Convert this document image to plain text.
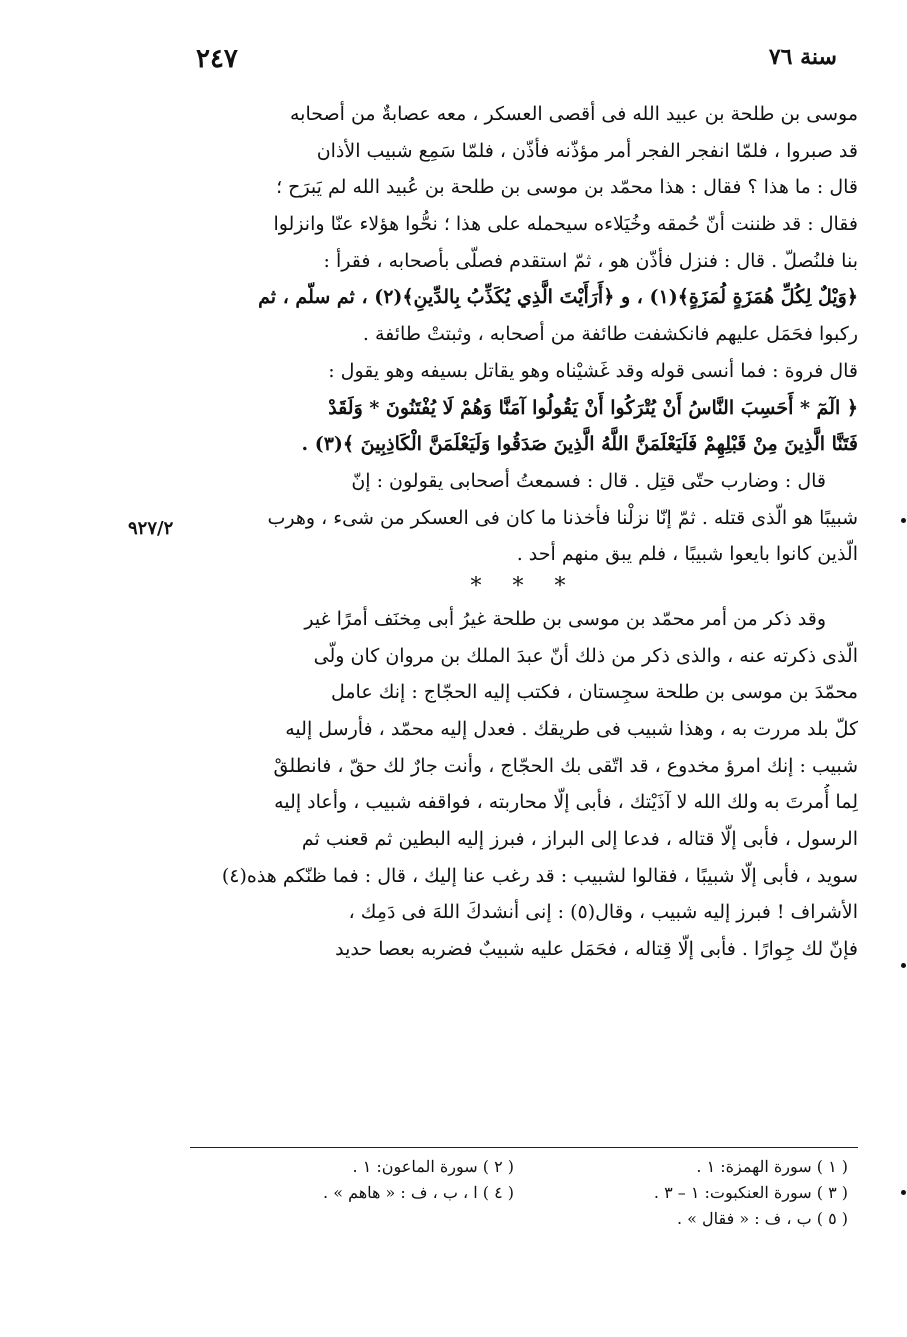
سنة ٧٦
٢٤٧
موسى بن طلحة بن عبيد الله فى أقصى العسكر ، معه عصابةٌ من أصحابه
قد صبروا ، فلمّا انفجر الفجر أمر مؤذّنه فأذّن ، فلمّا سَمِع شبيب الأذان
قال : ما هذا ؟ فقال : هذا محمّد بن موسى بن طلحة بن عُبيد الله لم يَبرَح ؛
فقال : قد ظننت أنّ حُمقه وخُيَلاءه سيحمله على هذا ؛ نحُّوا هؤلاء عنّا وانزلوا
بنا فلنُصلّ . قال : فنزل فأذّن هو ، ثمّ استقدم فصلّى بأصحابه ، فقرأ :
﴿وَيْلٌ لِكُلِّ هُمَزَةٍ لُمَزَةٍ﴾(١) ، و ﴿أَرَأَيْتَ الَّذِي يُكَذِّبُ بِالدِّينِ﴾(٢) ، ثم سلّم ، ثم
ركبوا فحَمَل عليهم فانكشفت طائفة من أصحابه ، وثبتتْ طائفة .
قال فروة : فما أنسى قوله وقد غَشيْناه وهو يقاتل بسيفه وهو يقول :
﴿ الٓمٓ * أَحَسِبَ النَّاسُ أَنْ يُتْرَكُوا أَنْ يَقُولُوا آمَنَّا وَهُمْ لَا يُفْتَنُونَ * وَلَقَدْ
فَتَنَّا الَّذِينَ مِنْ قَبْلِهِمْ فَلَيَعْلَمَنَّ اللَّهُ الَّذِينَ صَدَقُوا وَلَيَعْلَمَنَّ الْكَاذِبِينَ ﴾(٣) .
قال : وضارب حتّى قتِل . قال : فسمعتُ أصحابى يقولون : إنّ
شبيبًا هو الّذى قتله . ثمّ إنّا نزلْنا فأخذنا ما كان فى العسكر من شىء ، وهرب
الّذين كانوا بايعوا شبيبًا ، فلم يبق منهم أحد .
* * *
وقد ذكر من أمر محمّد بن موسى بن طلحة غيرُ أبى مِخنَف أمرًا غير
الّذى ذكرته عنه ، والذى ذكر من ذلك أنّ عبدَ الملك بن مروان كان ولّى
محمّدَ بن موسى بن طلحة سجِستان ، فكتب إليه الحجّاج : إنك عامل
كلّ بلد مررت به ، وهذا شبيب فى طريقك . فعدل إليه محمّد ، فأرسل إليه
شبيب : إنك امرؤ مخدوع ، قد اتّقى بك الحجّاج ، وأنت جارٌ لك حقّ ، فانطلقْ
لِما أُمرتَ به ولك الله لا آذَيْتك ، فأبى إلّا محاربته ، فواقفه شبيب ، وأعاد إليه
الرسول ، فأبى إلّا قتاله ، فدعا إلى البراز ، فبرز إليه البطين ثم قعنب ثم
سويد ، فأبى إلّا شبيبًا ، فقالوا لشبيب : قد رغب عنا إليك ، قال : فما ظنّكم هذه(٤)
الأشراف ! فبرز إليه شبيب ، وقال(٥) : إنى أنشدكَ اللهَ فى دَمِك ،
فإنّ لك جِوارًا . فأبى إلّا قِتاله ، فحَمَل عليه شبيبٌ فضربه بعصا حديد
٩٢٧/٢
( ١ ) سورة الهمزة: ١ .
( ٢ ) سورة الماعون: ١ .
( ٣ ) سورة العنكبوت: ١ – ٣ .
( ٤ ) ا ، ب ، ف : « هاهم » .
( ٥ ) ب ، ف : « فقال » .
